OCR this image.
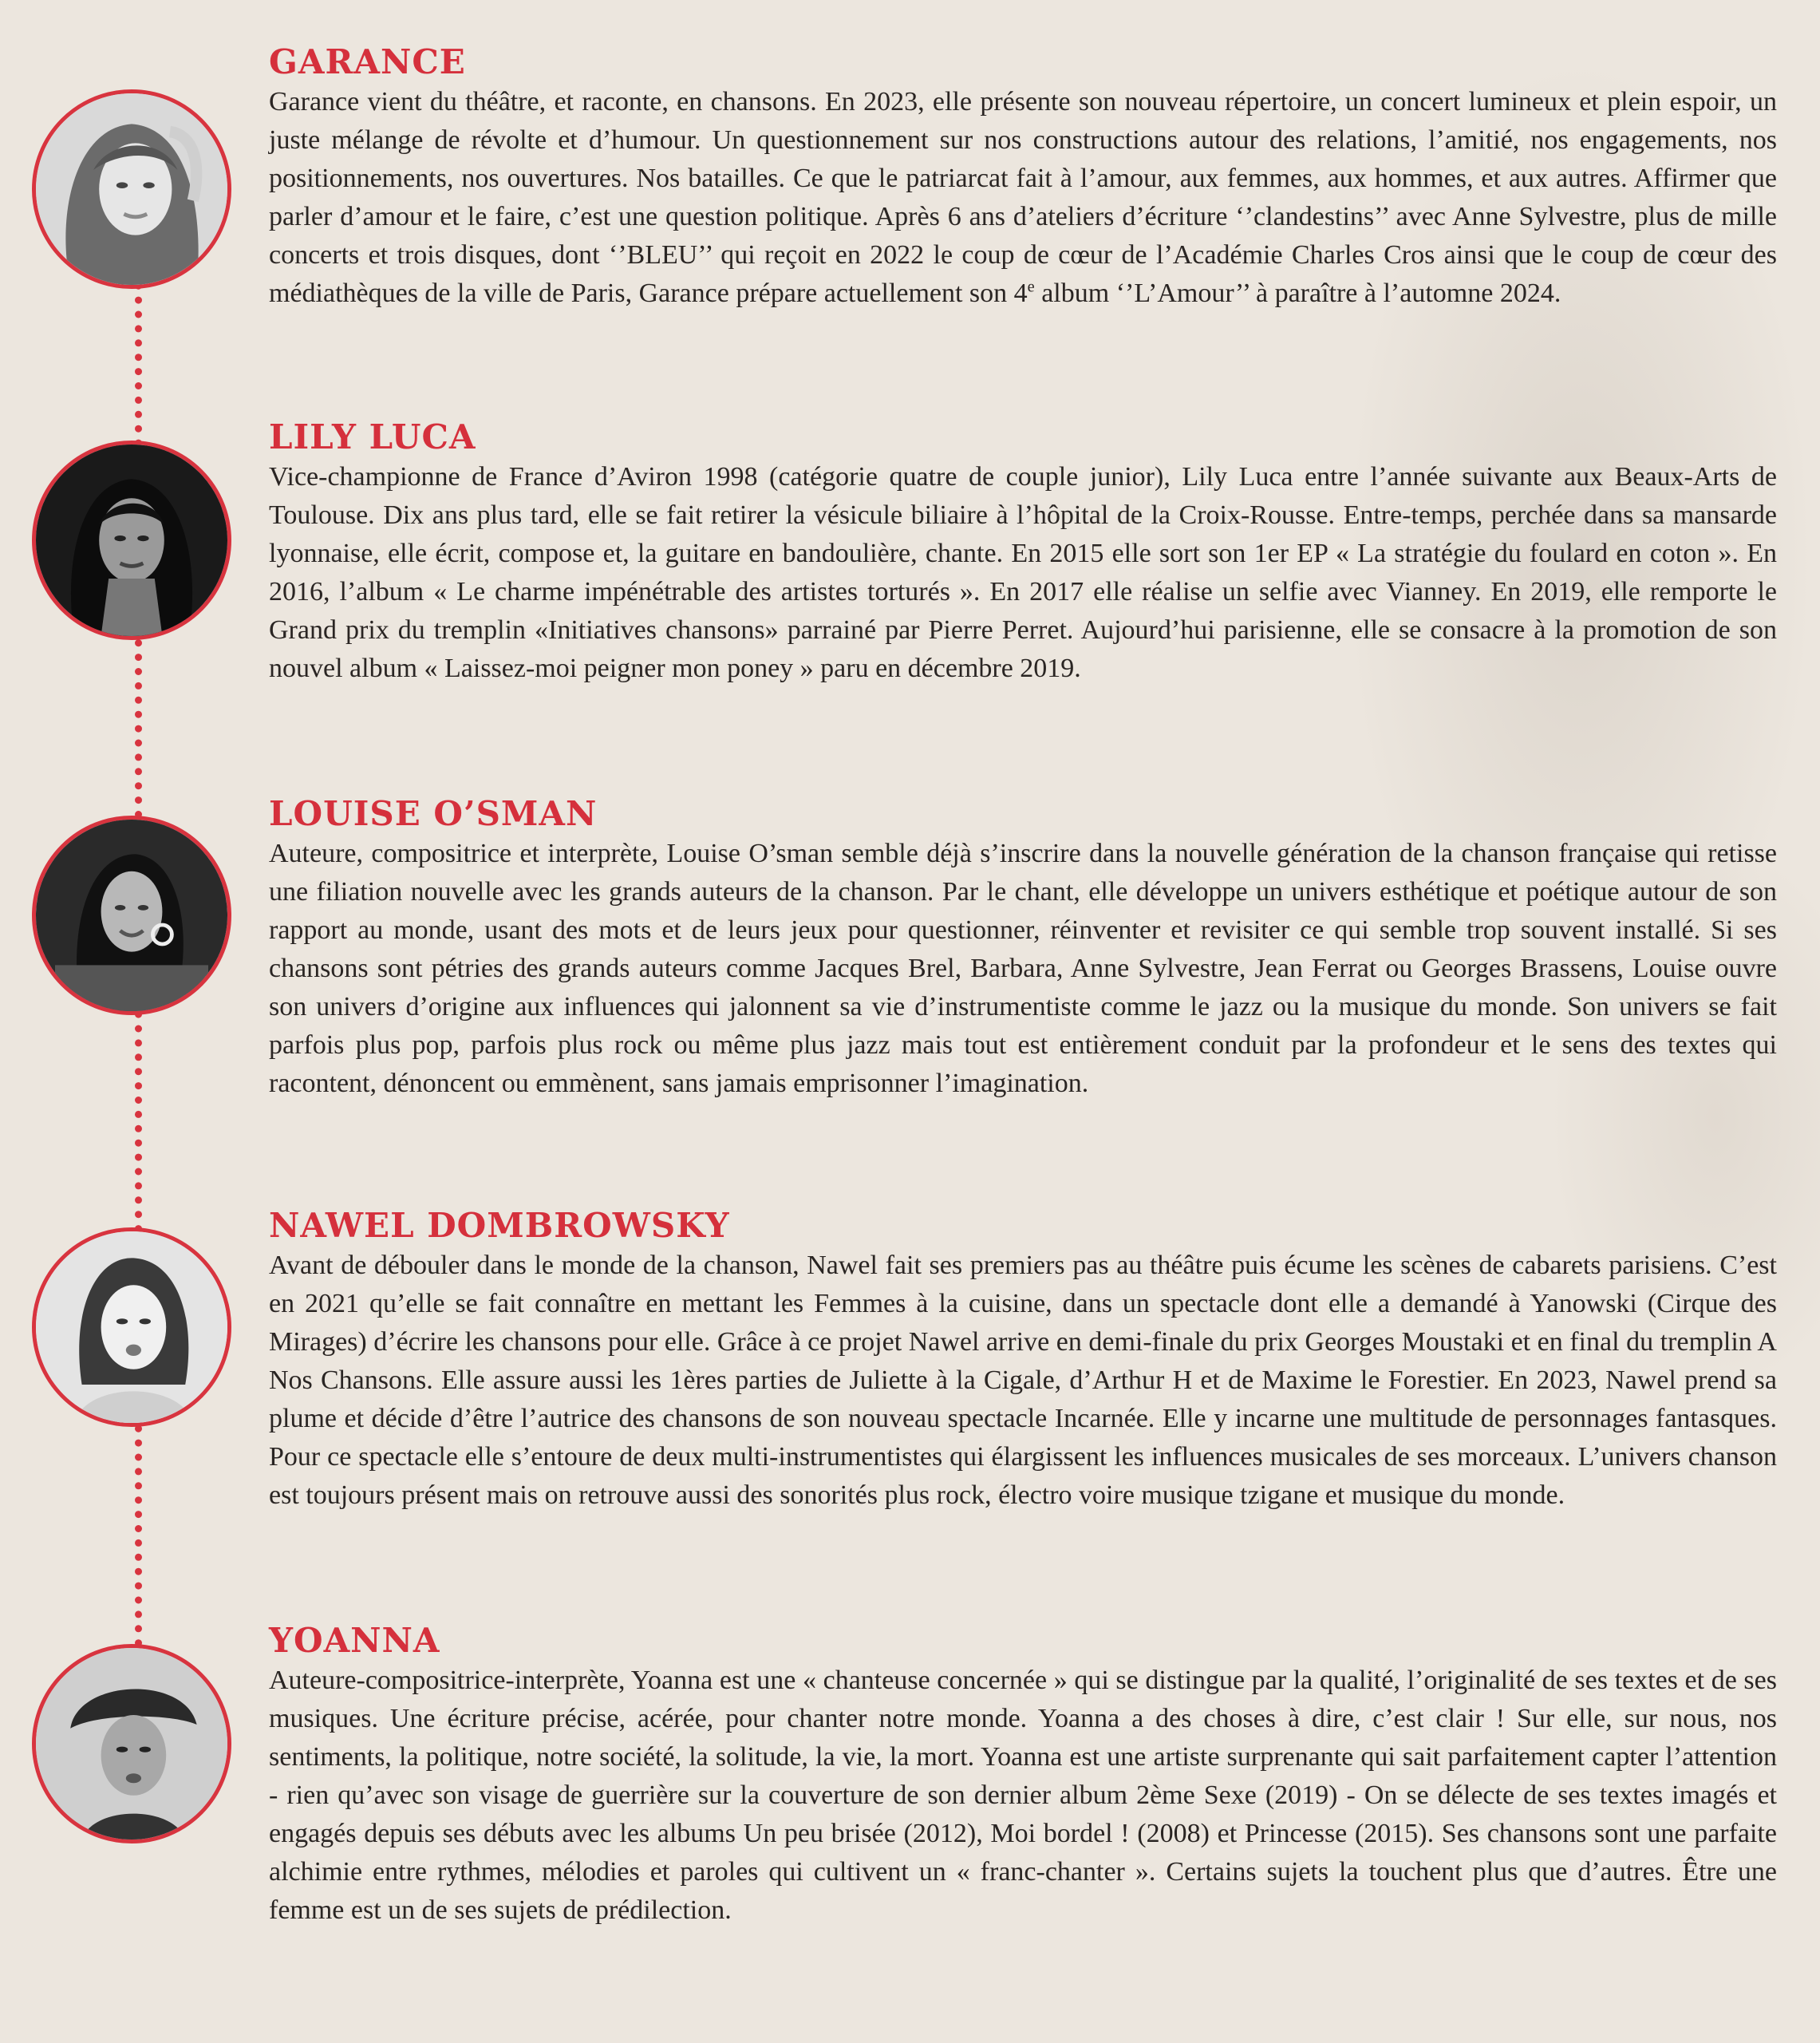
GARANCE

Garance vient du théâtre, et raconte, en chansons. En 2023, elle présente son nouveau répertoire, un concert lumineux et plein espoir, un juste mélange de révolte et d’humour. Un questionnement sur nos constructions autour des relations, l’amitié, nos engagements, nos positionnements, nos ouvertures. Nos batailles. Ce que le patriarcat fait à l’amour, aux femmes, aux hommes, et aux autres. Affirmer que parler d’amour et le faire, c’est une question politique. Après 6 ans d’ateliers d’écriture ‘’clandestins’’ avec Anne Sylvestre, plus de mille concerts et trois disques, dont ‘’BLEU’’ qui reçoit en 2022 le coup de cœur de l’Académie Charles Cros ainsi que le coup de cœur des médiathèques de la ville de Paris, Garance prépare actuellement son 4e album ‘’L’Amour’’ à paraître à l’automne 2024.

LILY LUCA

Vice-championne de France d’Aviron 1998 (catégorie quatre de couple junior), Lily Luca entre l’année suivante aux Beaux-Arts de Toulouse. Dix ans plus tard, elle se fait retirer la vésicule biliaire à l’hôpital de la Croix-Rousse. Entre-temps, perchée dans sa mansarde lyonnaise, elle écrit, compose et, la guitare en bandoulière, chante. En 2015 elle sort son 1er EP « La stratégie du foulard en coton ». En 2016, l’album « Le charme impénétrable des artistes torturés ». En 2017 elle réalise un selfie avec Vianney. En 2019, elle remporte le Grand prix du tremplin «Initiatives chansons» parrainé par Pierre Perret. Aujourd’hui parisienne, elle se consacre à la promotion de son nouvel album « Laissez-moi peigner mon poney » paru en décembre 2019.

LOUISE O’SMAN

Auteure, compositrice et interprète, Louise O’sman semble déjà s’inscrire dans la nouvelle génération de la chanson française qui retisse une filiation nouvelle avec les grands auteurs de la chanson. Par le chant, elle développe un univers esthétique et poétique autour de son rapport au monde, usant des mots et de leurs jeux pour questionner, réinventer et revisiter ce qui semble trop souvent installé. Si ses chansons sont pétries des grands auteurs comme Jacques Brel, Barbara, Anne Sylvestre, Jean Ferrat ou Georges Brassens, Louise ouvre son univers d’origine aux influences qui jalonnent sa vie d’instrumentiste comme le jazz ou la musique du monde. Son univers se fait parfois plus pop, parfois plus rock ou même plus jazz mais tout est entièrement conduit par la profondeur et le sens des textes qui racontent, dénoncent ou emmènent, sans jamais emprisonner l’imagination.

NAWEL DOMBROWSKY

Avant de débouler dans le monde de la chanson, Nawel fait ses premiers pas au théâtre puis écume les scènes de cabarets parisiens. C’est en 2021 qu’elle se fait connaître en mettant les Femmes à la cuisine, dans un spectacle dont elle a demandé à Yanowski (Cirque des Mirages) d’écrire les chansons pour elle. Grâce à ce projet Nawel arrive en demi-finale du prix Georges Moustaki et en final du tremplin A Nos Chansons. Elle assure aussi les 1ères parties de Juliette à la Cigale, d’Arthur H et de Maxime le Forestier. En 2023, Nawel prend sa plume et décide d’être l’autrice des chansons de son nouveau spectacle Incarnée. Elle y incarne une multitude de personnages fantasques. Pour ce spectacle elle s’entoure de deux multi-instrumentistes qui élargissent les influences musicales de ses morceaux. L’univers chanson est toujours présent mais on retrouve aussi des sonorités plus rock, électro voire musique tzigane et musique du monde.

YOANNA

Auteure-compositrice-interprète, Yoanna est une « chanteuse concernée » qui se distingue par la qualité, l’originalité de ses textes et de ses musiques. Une écriture précise, acérée, pour chanter notre monde. Yoanna a des choses à dire, c’est clair ! Sur elle, sur nous, nos sentiments, la politique, notre société, la solitude, la vie, la mort. Yoanna est une artiste surprenante qui sait parfaitement capter l’attention - rien qu’avec son visage de guerrière sur la couverture de son dernier album 2ème Sexe (2019) - On se délecte de ses textes imagés et engagés depuis ses débuts avec les albums Un peu brisée (2012), Moi bordel ! (2008) et Princesse (2015). Ses chansons sont une parfaite alchimie entre rythmes, mélodies et paroles qui cultivent un « franc-chanter ». Certains sujets la touchent plus que d’autres. Être une femme est un de ses sujets de prédilection.
